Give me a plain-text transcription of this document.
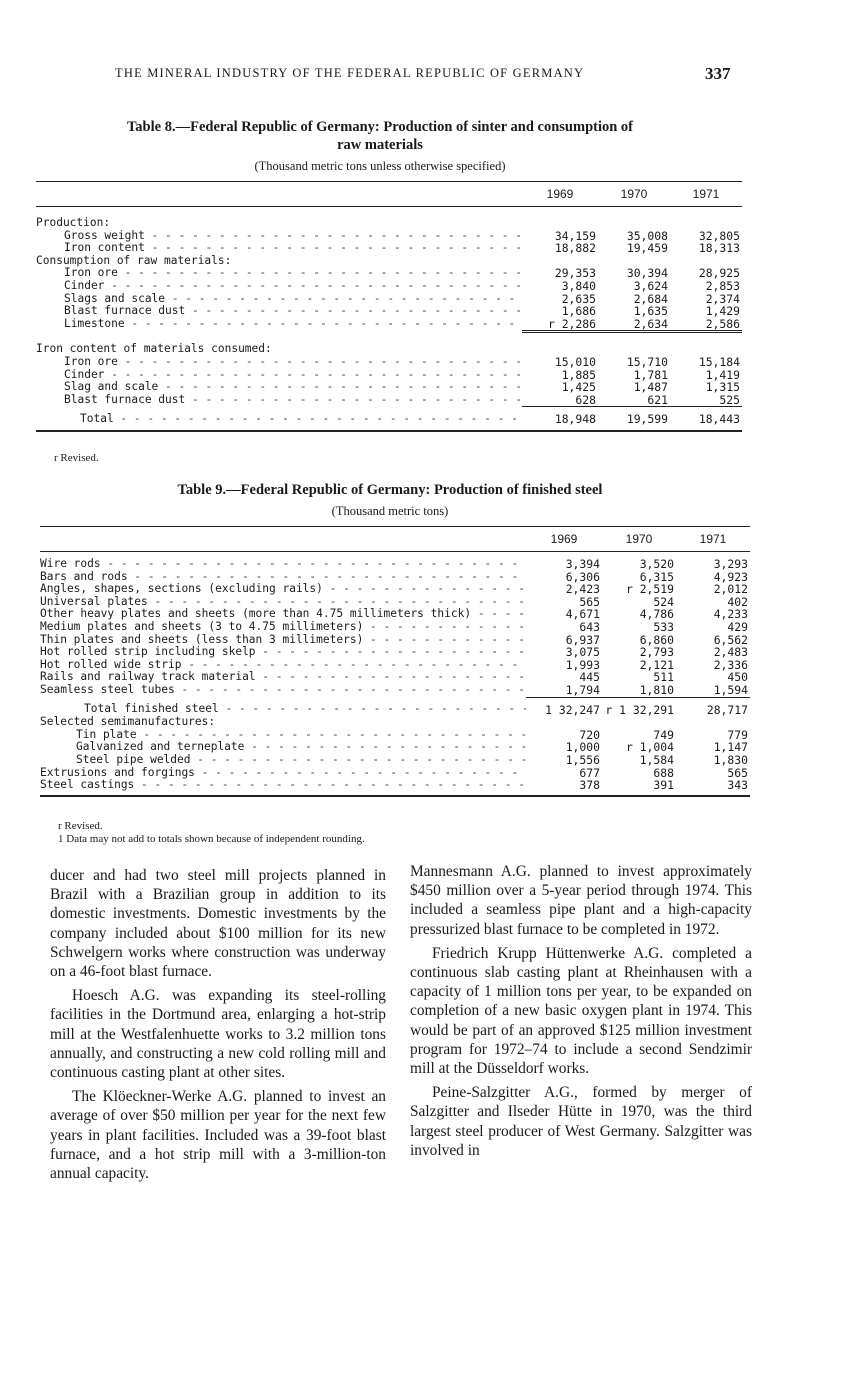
THE MINERAL INDUSTRY OF THE FEDERAL REPUBLIC OF GERMANY	337
Table 8.—Federal Republic of Germany: Production of sinter and consumption of
raw materials
(Thousand metric tons unless otherwise specified)
	1969	1970	1971

Production:			
Gross weight - - -	34,159	35,008	32,805
Iron content - - -	18,882	19,459	18,313
Consumption of raw materials:			
Iron ore - - -	29,353	30,394	28,925
Cinder - - -	3,840	3,624	2,853
Slags and scale - - -	2,635	2,684	2,374
Blast furnace dust - - -	1,686	1,635	1,429
Limestone - - -	r 2,286	2,634	2,586

Iron content of materials consumed:			
Iron ore - - -	15,010	15,710	15,184
Cinder - - -	1,885	1,781	1,419
Slag and scale - - -	1,425	1,487	1,315
Blast furnace dust - - -	628	621	525
Total - - -	18,948	19,599	18,443
r Revised.
Table 9.—Federal Republic of Germany: Production of finished steel
(Thousand metric tons)
	1969	1970	1971

Wire rods - - -	3,394	3,520	3,293
Bars and rods - - -	6,306	6,315	4,923
Angles, shapes, sections (excluding rails) - - -	2,423	r 2,519	2,012
Universal plates - - -	565	524	402
Other heavy plates and sheets (more than 4.75 millimeters thick) - - -	4,671	4,786	4,233
Medium plates and sheets (3 to 4.75 millimeters) - - -	643	533	429
Thin plates and sheets (less than 3 millimeters) - - -	6,937	6,860	6,562
Hot rolled strip including skelp - - -	3,075	2,793	2,483
Hot rolled wide strip - - -	1,993	2,121	2,336
Rails and railway track material - - -	445	511	450
Seamless steel tubes - - -	1,794	1,810	1,594
Total finished steel - - -	1 32,247	r 1 32,291	28,717
Selected semimanufactures:			
Tin plate - - -	720	749	779
Galvanized and terneplate - - -	1,000	r 1,004	1,147
Steel pipe welded - - -	1,556	1,584	1,830
Extrusions and forgings - - -	677	688	565
Steel castings - - -	378	391	343
r Revised.
1 Data may not add to totals shown because of independent rounding.

ducer and had two steel mill projects planned in Brazil with a Brazilian group in addition to its domestic investments. Domestic investments by the company included about $100 million for its new Schwelgern works where construction was underway on a 46-foot blast furnace.

Hoesch A.G. was expanding its steel-rolling facilities in the Dortmund area, enlarging a hot-strip mill at the Westfalenhuette works to 3.2 million tons annually, and constructing a new cold rolling mill and continuous casting plant at other sites.

The Klöeckner-Werke A.G. planned to invest an average of over $50 million per year for the next few years in plant facilities. Included was a 39-foot blast furnace, and a hot strip mill with a 3-million-ton annual capacity.

Mannesmann A.G. planned to invest approximately $450 million over a 5-year period through 1974. This included a seamless pipe plant and a high-capacity pressurized blast furnace to be completed in 1972.

Friedrich Krupp Hüttenwerke A.G. completed a continuous slab casting plant at Rheinhausen with a capacity of 1 million tons per year, to be expanded on completion of a new basic oxygen plant in 1974. This would be part of an approved $125 million investment program for 1972–74 to include a second Sendzimir mill at the Düsseldorf works.

Peine-Salzgitter A.G., formed by merger of Salzgitter and Ilseder Hütte in 1970, was the third largest steel producer of West Germany. Salzgitter was involved in
